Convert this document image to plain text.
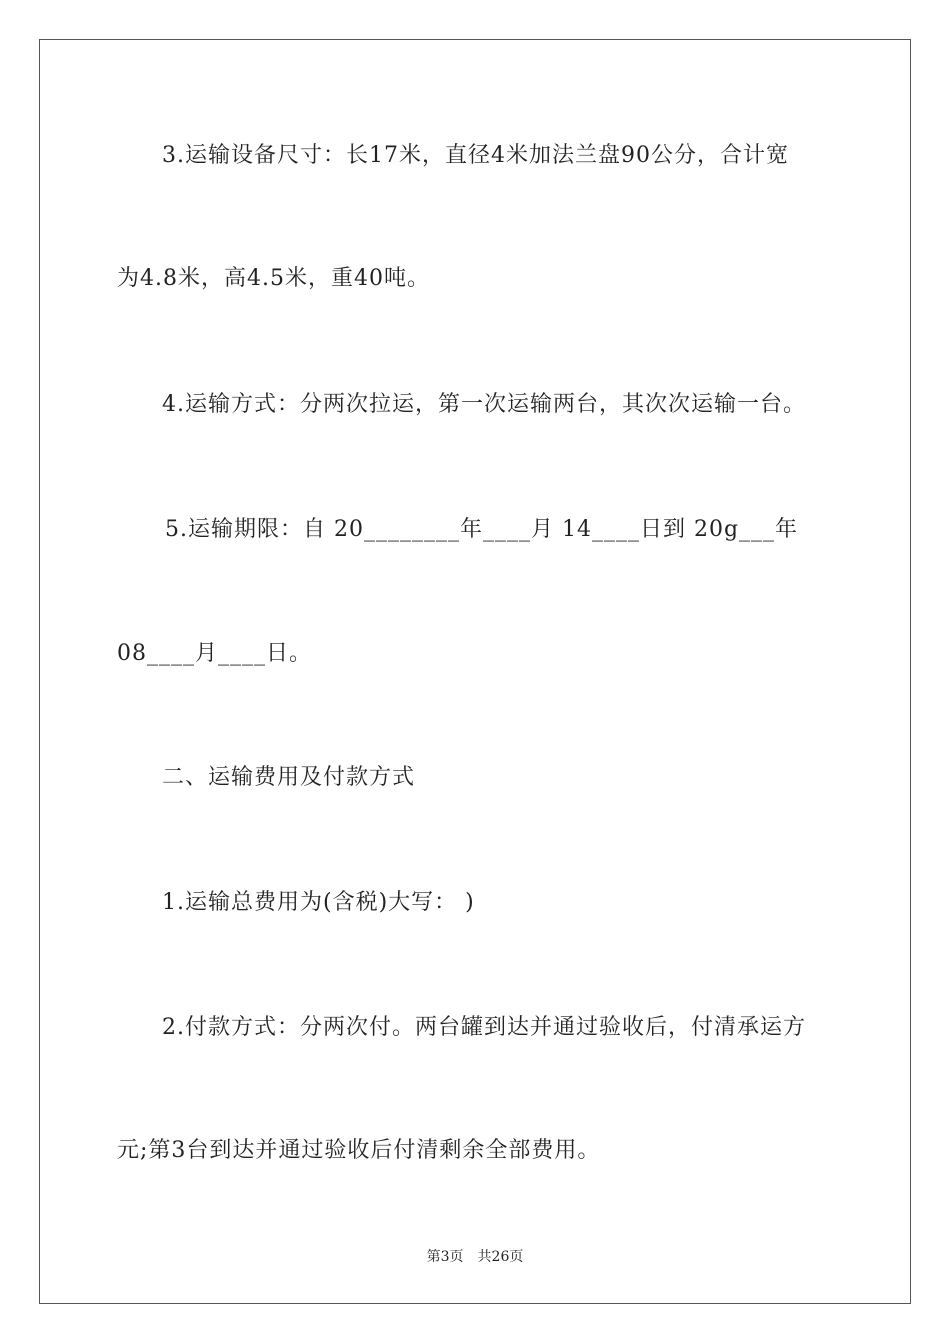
3.运输设备尺寸：长17米，直径4米加法兰盘90公分，合计宽
为4.8米，高4.5米，重40吨。
4.运输方式：分两次拉运，第一次运输两台，其次次运输一台。
5.运输期限：自 20________年____月 14____日到 20g___年
08____月____日。
二、运输费用及付款方式
1.运输总费用为(含税)大写： )
2.付款方式：分两次付。两台罐到达并通过验收后，付清承运方
元;第3台到达并通过验收后付清剩余全部费用。
第3页　共26页
